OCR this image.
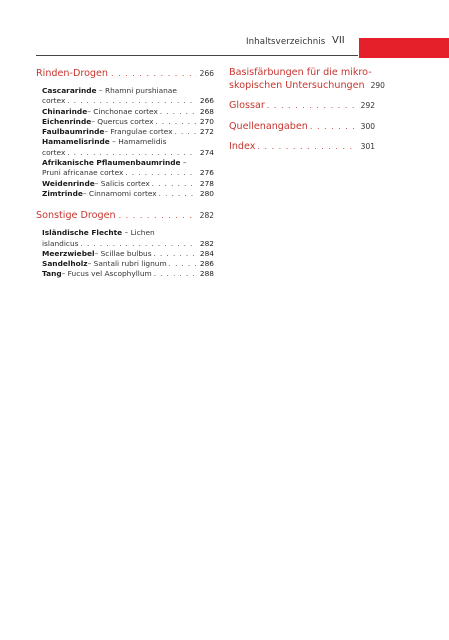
Inhaltsverzeichnis VII
Rinden-Drogen . . .	266
Cascararinde – Rhamni purshianae
cortex . . .	266
Chinarinde – Cinchonae cortex . . .	268
Eichenrinde – Quercus cortex . . .	270
Faulbaumrinde – Frangulae cortex . . .	272
Hamamelisrinde – Hamamelidis
cortex . . .	274
Afrikanische Pflaumenbaumrinde –
Pruni africanae cortex . . .	276
Weidenrinde – Salicis cortex . . .	278
Zimtrinde – Cinnamomi cortex . . .	280
Sonstige Drogen . . .	282
Isländische Flechte – Lichen
islandicus . . .	282
Meerzwiebel – Scillae bulbus . . .	284
Sandelholz – Santali rubri lignum . . .	286
Tang – Fucus vel Ascophyllum . . .	288
Basisfärbungen für die mikro-
skopischen Untersuchungen 290
Glossar . . .	292
Quellenangaben . . .	300
Index . . .	301
